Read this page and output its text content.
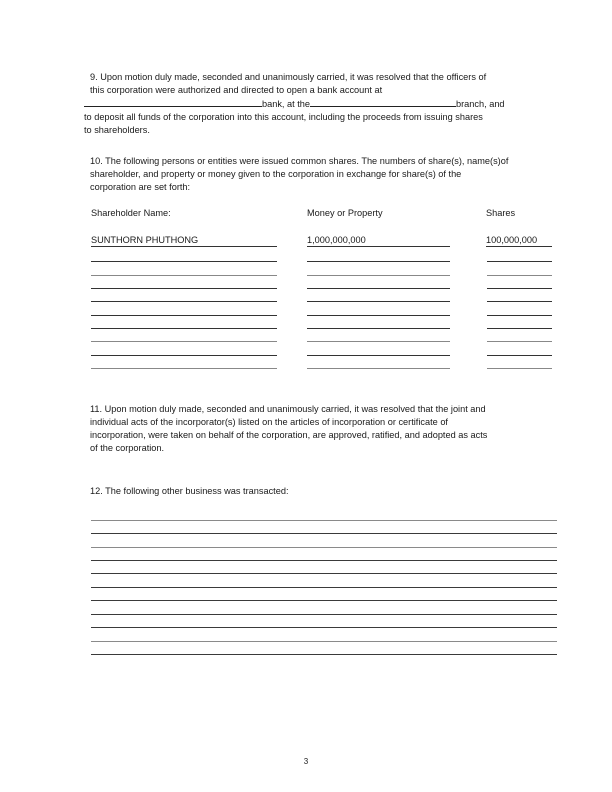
9. Upon motion duly made, seconded and unanimously carried, it was resolved that the officers of
this corporation were authorized and directed to open a bank account at
bank, at the	branch, and
to deposit all funds of the corporation into this account, including the proceeds from issuing shares
to shareholders.
10. The following persons or entities were issued common shares. The numbers of share(s), name(s)of
shareholder, and property or money given to the corporation in exchange for share(s) of the
corporation are set forth:
Shareholder Name:	Money or Property	Shares
SUNTHORN PHUTHONG	1,000,000,000	100,000,000
11. Upon motion duly made, seconded and unanimously carried, it was resolved that the joint and
individual acts of the incorporator(s) listed on the articles of incorporation or certificate of
incorporation, were taken on behalf of the corporation, are approved, ratified, and adopted as acts
of the corporation.
12. The following other business was transacted:
3
